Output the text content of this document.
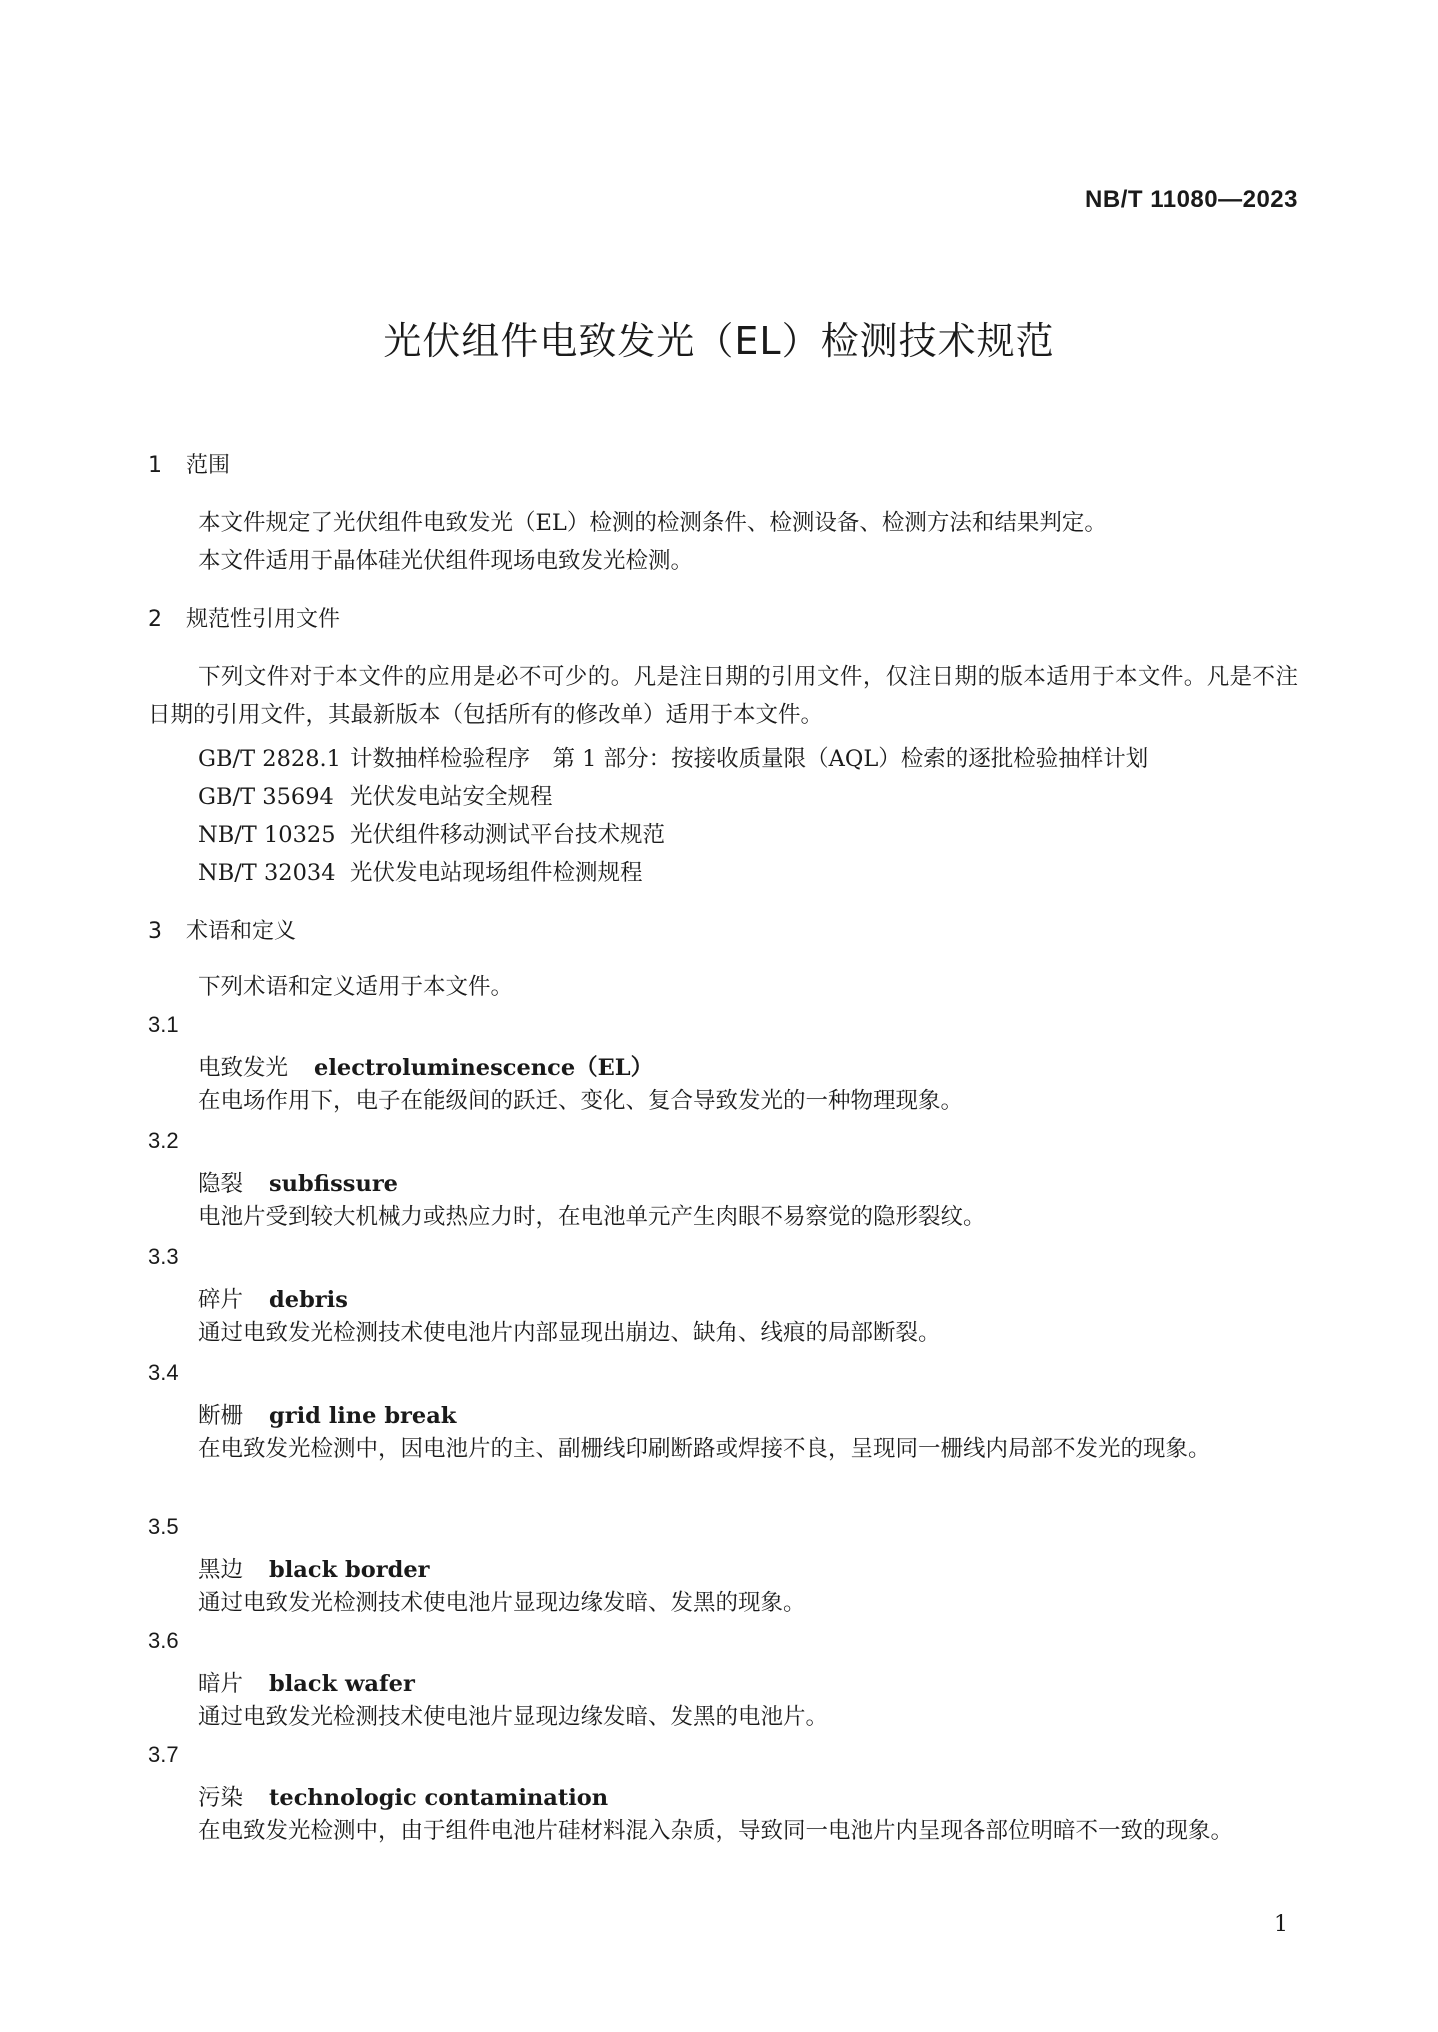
NB/T 11080—2023
光伏组件电致发光（EL）检测技术规范
1 范围
本文件规定了光伏组件电致发光（EL）检测的检测条件、检测设备、检测方法和结果判定。
本文件适用于晶体硅光伏组件现场电致发光检测。
2 规范性引用文件
下列文件对于本文件的应用是必不可少的。凡是注日期的引用文件，仅注日期的版本适用于本文件。凡是不注日期的引用文件，其最新版本（包括所有的修改单）适用于本文件。
GB/T 2828.1 计数抽样检验程序　第 1 部分：按接收质量限（AQL）检索的逐批检验抽样计划
GB/T 35694 光伏发电站安全规程
NB/T 10325 光伏组件移动测试平台技术规范
NB/T 32034 光伏发电站现场组件检测规程
3 术语和定义
下列术语和定义适用于本文件。
3.1
电致发光 electroluminescence（EL）
在电场作用下，电子在能级间的跃迁、变化、复合导致发光的一种物理现象。
3.2
隐裂 subfissure
电池片受到较大机械力或热应力时，在电池单元产生肉眼不易察觉的隐形裂纹。
3.3
碎片 debris
通过电致发光检测技术使电池片内部显现出崩边、缺角、线痕的局部断裂。
3.4
断栅 grid line break
在电致发光检测中，因电池片的主、副栅线印刷断路或焊接不良，呈现同一栅线内局部不发光的现象。
3.5
黑边 black border
通过电致发光检测技术使电池片显现边缘发暗、发黑的现象。
3.6
暗片 black wafer
通过电致发光检测技术使电池片显现边缘发暗、发黑的电池片。
3.7
污染 technologic contamination
在电致发光检测中，由于组件电池片硅材料混入杂质，导致同一电池片内呈现各部位明暗不一致的现象。
1
